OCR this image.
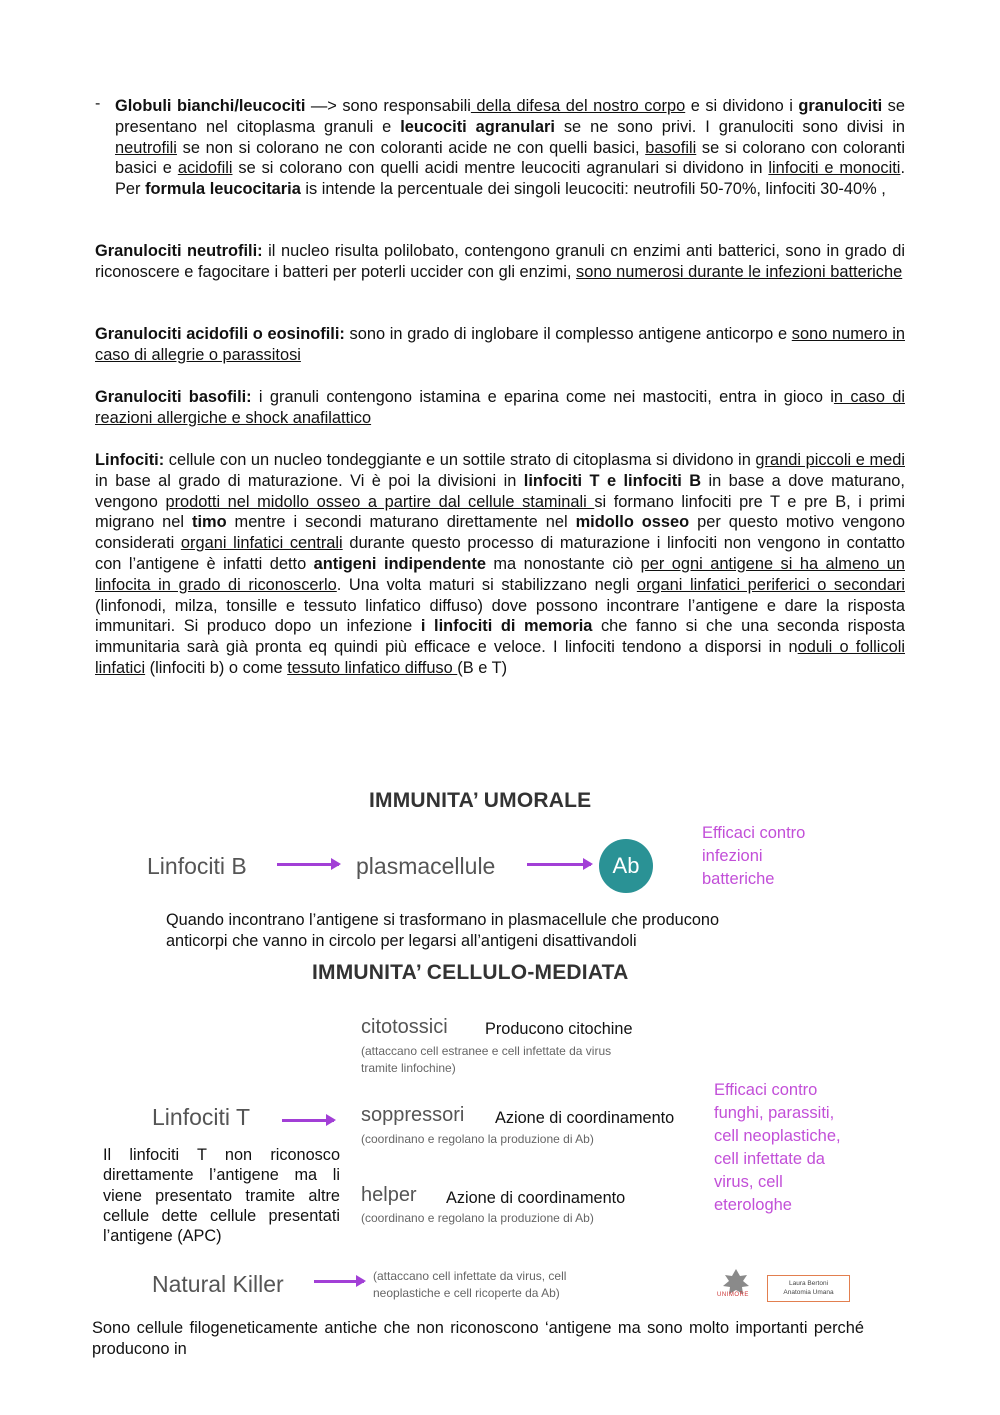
- Globuli bianchi/leucociti —> sono responsabili della difesa del nostro corpo e si dividono i granulociti se presentano nel citoplasma granuli e leucociti agranulari se ne sono privi. I granulociti sono divisi in neutrofili se non si colorano ne con coloranti acide ne con quelli basici, basofili se si colorano con coloranti basici e acidofili se si colorano con quelli acidi mentre leucociti agranulari si dividono in linfociti e monociti. Per formula leucocitaria is intende la percentuale dei singoli leucociti: neutrofili 50-70%, linfociti 30-40% ,
Granulociti neutrofili: il nucleo risulta polilobato, contengono granuli cn enzimi anti batterici, sono in grado di riconoscere e fagocitare i batteri per poterli uccider con gli enzimi, sono numerosi durante le infezioni batteriche
Granulociti acidofili o eosinofili: sono in grado di inglobare il complesso antigene anticorpo e sono numero in caso di allegrie o parassitosi
Granulociti basofili: i granuli contengono istamina e eparina come nei mastociti, entra in gioco in caso di reazioni allergiche e shock anafilattico
Linfociti: cellule con un nucleo tondeggiante e un sottile strato di citoplasma si dividono in grandi piccoli e medi in base al grado di maturazione. Vi è poi la divisioni in linfociti T e linfociti B in base a dove maturano, vengono prodotti nel midollo osseo a partire dal cellule staminali si formano linfociti pre T e pre B, i primi migrano nel timo mentre i secondi maturano direttamente nel midollo osseo per questo motivo vengono considerati organi linfatici centrali durante questo processo di maturazione i linfociti non vengono in contatto con l’antigene è infatti detto antigeni indipendente ma nonostante ciò per ogni antigene si ha almeno un linfocita in grado di riconoscerlo. Una volta maturi si stabilizzano negli organi linfatici periferici o secondari (linfonodi, milza, tonsille e tessuto linfatico diffuso) dove possono incontrare l’antigene e dare la risposta immunitari. Si produco dopo un infezione i linfociti di memoria che fanno si che una seconda risposta immunitaria sarà già pronta eq quindi più efficace e veloce. I linfociti tendono a disporsi in noduli o follicoli linfatici (linfociti b) o come tessuto linfatico diffuso (B e T)
IMMUNITA’ UMORALE
Linfociti B	plasmacellule	Ab
Efficaci contro
infezioni
batteriche
Quando incontrano l’antigene si trasformano in plasmacellule che producono
anticorpi che vanno in circolo per legarsi all’antigeni disattivandoli
IMMUNITA’ CELLULO-MEDIATA
citotossici Producono citochine
(attaccano cell estranee e cell infettate da virus
tramite linfochine)
Linfociti T	soppressori Azione di coordinamento
(coordinano e regolano la produzione di Ab)
Il linfociti T non riconosco direttamente l’antigene ma li viene presentato tramite altre cellule dette cellule presentati l’antigene (APC)
helper Azione di coordinamento
(coordinano e regolano la produzione di Ab)
Efficaci contro
funghi, parassiti,
cell neoplastiche,
cell infettate da
virus, cell
eterologhe
Natural Killer	(attaccano cell infettate da virus, cell
neoplastiche e cell ricoperte da Ab)	UNIMORE
Laura Bertoni
Anatomia Umana
Sono cellule filogeneticamente antiche che non riconoscono ‘antigene ma sono molto importanti perché producono in
